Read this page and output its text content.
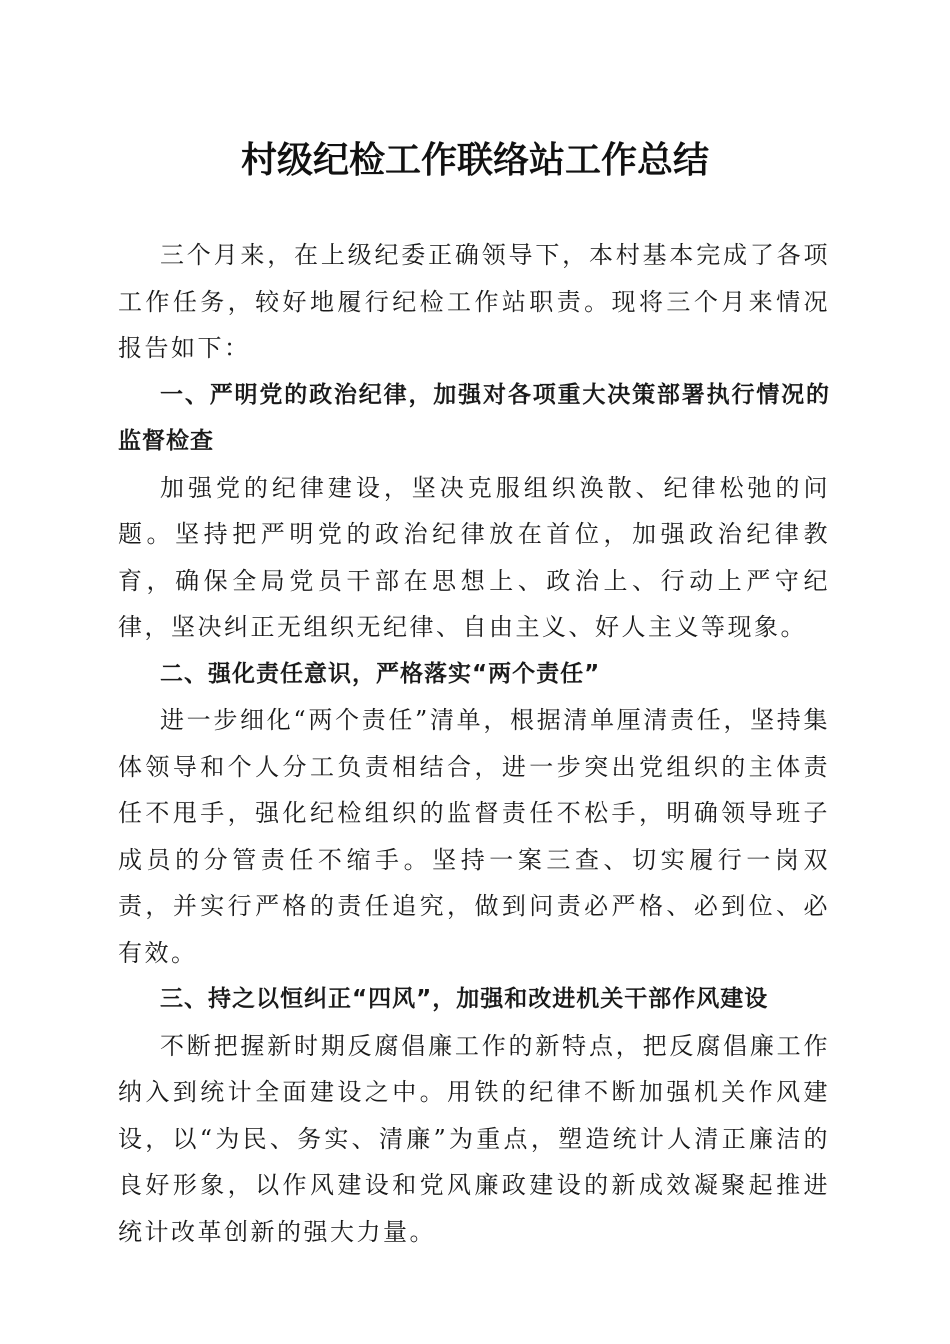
村级纪检工作联络站工作总结

三个月来，在上级纪委正确领导下，本村基本完成了各项工作任务，较好地履行纪检工作站职责。现将三个月来情况报告如下：

一、严明党的政治纪律，加强对各项重大决策部署执行情况的监督检查

加强党的纪律建设，坚决克服组织涣散、纪律松弛的问题。坚持把严明党的政治纪律放在首位，加强政治纪律教育，确保全局党员干部在思想上、政治上、行动上严守纪律，坚决纠正无组织无纪律、自由主义、好人主义等现象。

二、强化责任意识，严格落实“两个责任”

进一步细化“两个责任”清单，根据清单厘清责任，坚持集体领导和个人分工负责相结合，进一步突出党组织的主体责任不甩手，强化纪检组织的监督责任不松手，明确领导班子成员的分管责任不缩手。坚持一案三查、切实履行一岗双责，并实行严格的责任追究，做到问责必严格、必到位、必有效。

三、持之以恒纠正“四风”，加强和改进机关干部作风建设

不断把握新时期反腐倡廉工作的新特点，把反腐倡廉工作纳入到统计全面建设之中。用铁的纪律不断加强机关作风建设，以“为民、务实、清廉”为重点，塑造统计人清正廉洁的良好形象，以作风建设和党风廉政建设的新成效凝聚起推进统计改革创新的强大力量。
